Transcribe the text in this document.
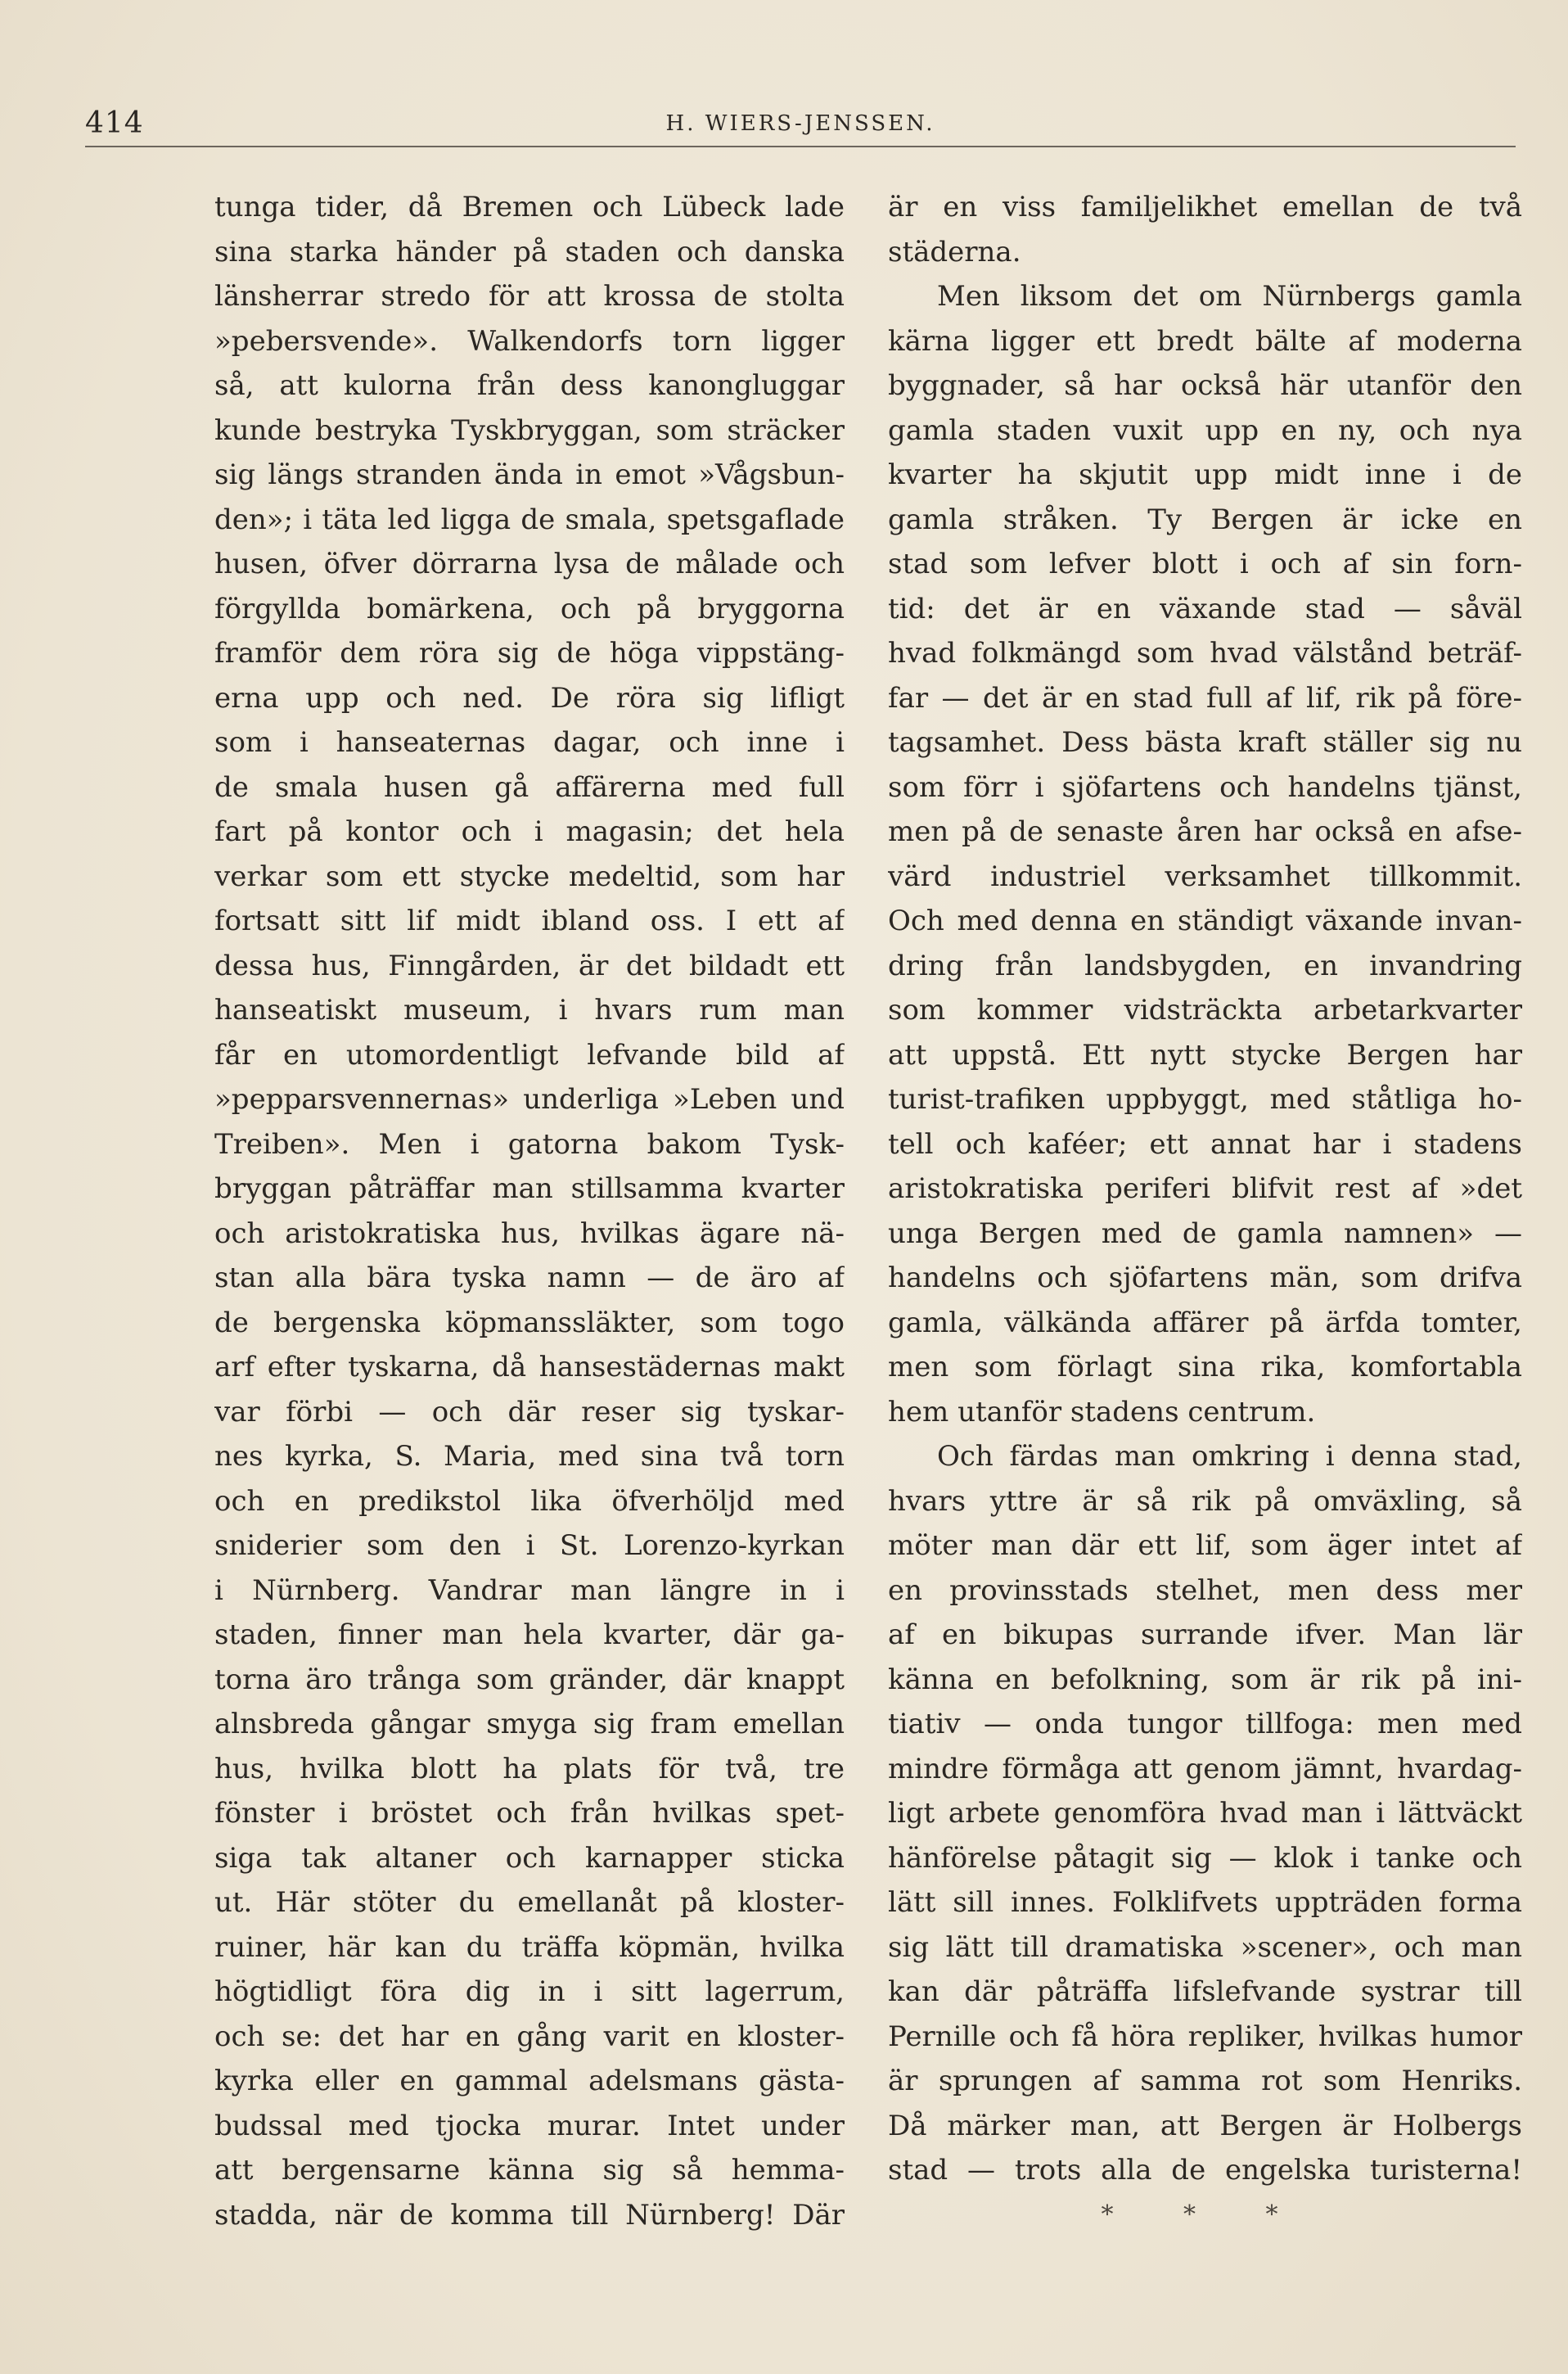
414	H. WIERS-JENSSEN.
tunga tider, då Bremen och Lübeck lade
sina starka händer på staden och danska
länsherrar stredo för att krossa de stolta
»pebersvende». Walkendorfs torn ligger
så, att kulorna från dess kanongluggar
kunde bestryka Tyskbryggan, som sträcker
sig längs stranden ända in emot »Vågsbun-
den»; i täta led ligga de smala, spetsgaflade
husen, öfver dörrarna lysa de målade och
förgyllda bomärkena, och på bryggorna
framför dem röra sig de höga vippstäng-
erna upp och ned. De röra sig lifligt
som i hanseaternas dagar, och inne i
de smala husen gå affärerna med full
fart på kontor och i magasin; det hela
verkar som ett stycke medeltid, som har
fortsatt sitt lif midt ibland oss. I ett af
dessa hus, Finngården, är det bildadt ett
hanseatiskt museum, i hvars rum man
får en utomordentligt lefvande bild af
»pepparsvennernas» underliga »Leben und
Treiben». Men i gatorna bakom Tysk-
bryggan påträffar man stillsamma kvarter
och aristokratiska hus, hvilkas ägare nä-
stan alla bära tyska namn — de äro af
de bergenska köpmanssläkter, som togo
arf efter tyskarna, då hansestädernas makt
var förbi — och där reser sig tyskar-
nes kyrka, S. Maria, med sina två torn
och en predikstol lika öfverhöljd med
sniderier som den i St. Lorenzo-kyrkan
i Nürnberg. Vandrar man längre in i
staden, finner man hela kvarter, där ga-
torna äro trånga som gränder, där knappt
alnsbreda gångar smyga sig fram emellan
hus, hvilka blott ha plats för två, tre
fönster i bröstet och från hvilkas spet-
siga tak altaner och karnapper sticka
ut. Här stöter du emellanåt på kloster-
ruiner, här kan du träffa köpmän, hvilka
högtidligt föra dig in i sitt lagerrum,
och se: det har en gång varit en kloster-
kyrka eller en gammal adelsmans gästa-
budssal med tjocka murar. Intet under
att bergensarne känna sig så hemma-
stadda, när de komma till Nürnberg! Där
är en viss familjelikhet emellan de två
städerna.
Men liksom det om Nürnbergs gamla
kärna ligger ett bredt bälte af moderna
byggnader, så har också här utanför den
gamla staden vuxit upp en ny, och nya
kvarter ha skjutit upp midt inne i de
gamla stråken. Ty Bergen är icke en
stad som lefver blott i och af sin forn-
tid: det är en växande stad — såväl
hvad folkmängd som hvad välstånd beträf-
far — det är en stad full af lif, rik på före-
tagsamhet. Dess bästa kraft ställer sig nu
som förr i sjöfartens och handelns tjänst,
men på de senaste åren har också en afse-
värd industriel verksamhet tillkommit.
Och med denna en ständigt växande invan-
dring från landsbygden, en invandring
som kommer vidsträckta arbetarkvarter
att uppstå. Ett nytt stycke Bergen har
turist-trafiken uppbyggt, med ståtliga ho-
tell och kaféer; ett annat har i stadens
aristokratiska periferi blifvit rest af »det
unga Bergen med de gamla namnen» —
handelns och sjöfartens män, som drifva
gamla, välkända affärer på ärfda tomter,
men som förlagt sina rika, komfortabla
hem utanför stadens centrum.
Och färdas man omkring i denna stad,
hvars yttre är så rik på omväxling, så
möter man där ett lif, som äger intet af
en provinsstads stelhet, men dess mer
af en bikupas surrande ifver. Man lär
känna en befolkning, som är rik på ini-
tiativ — onda tungor tillfoga: men med
mindre förmåga att genom jämnt, hvardag-
ligt arbete genomföra hvad man i lättväckt
hänförelse påtagit sig — klok i tanke och
lätt sill innes. Folklifvets uppträden forma
sig lätt till dramatiska »scener», och man
kan där påträffa lifslefvande systrar till
Pernille och få höra repliker, hvilkas humor
är sprungen af samma rot som Henriks.
Då märker man, att Bergen är Holbergs
stad — trots alla de engelska turisterna!
* * *
